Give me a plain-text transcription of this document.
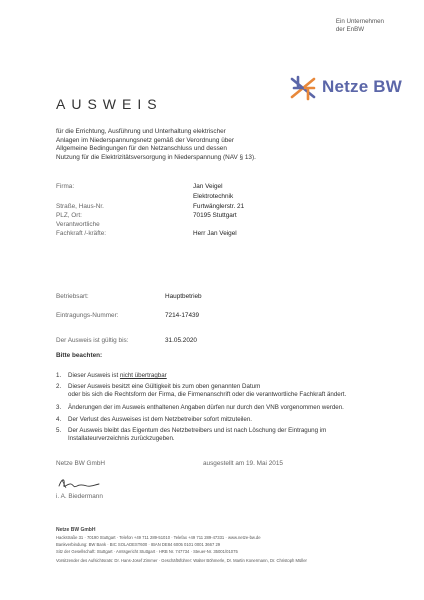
Ein Unternehmen
der EnBW
Netze BW
AUSWEIS
für die Errichtung, Ausführung und Unterhaltung elektrischer
Anlagen im Niederspannungsnetz gemäß der Verordnung über
Allgemeine Bedingungen für den Netzanschluss und dessen
Nutzung für die Elektrizitätsversorgung in Niederspannung (NAV § 13).
Firma:	Jan Veigel
Elektrotechnik
Straße, Haus-Nr.	Furtwänglerstr. 21
PLZ, Ort:	70195 Stuttgart
Verantwortliche
Fachkraft /-kräfte:	Herr Jan Veigel
Betriebsart:	Hauptbetrieb
Eintragungs-Nummer:	7214-17439
Der Ausweis ist gültig bis:	31.05.2020
Bitte beachten:
1. Dieser Ausweis ist nicht übertragbar
2. Dieser Ausweis besitzt eine Gültigkeit bis zum oben genannten Datum
oder bis sich die Rechtsform der Firma, die Firmenanschrift oder die verantwortliche Fachkraft ändert.
3. Änderungen der im Ausweis enthaltenen Angaben dürfen nur durch den VNB vorgenommen werden.
4. Der Verlust des Ausweises ist dem Netzbetreiber sofort mitzuteilen.
5. Der Ausweis bleibt das Eigentum des Netzbetreibers und ist nach Löschung der Eintragung im
Installateurverzeichnis zurückzugeben.
Netze BW GmbH	ausgestellt am 19. Mai 2015
i. A. Biedermann
Netze BW GmbH
Hackstraße 31 · 70190 Stuttgart · Telefon +49 711 289-51010 · Telefax +49 711 289-47331 · www.netze-bw.de
Bankverbindung: BW Bank · BIC SOLADEST600 · IBAN DE84 6005 0101 0001 3667 29
Sitz der Gesellschaft: Stuttgart · Amtsgericht Stuttgart · HRB Nr. 747734 · Steuer-Nr. 35001/01075
Vorsitzender des Aufsichtsrats: Dr. Hans-Josef Zimmer · Geschäftsführer: Walter Böhmerle, Dr. Martin Konermann, Dr. Christoph Müller
